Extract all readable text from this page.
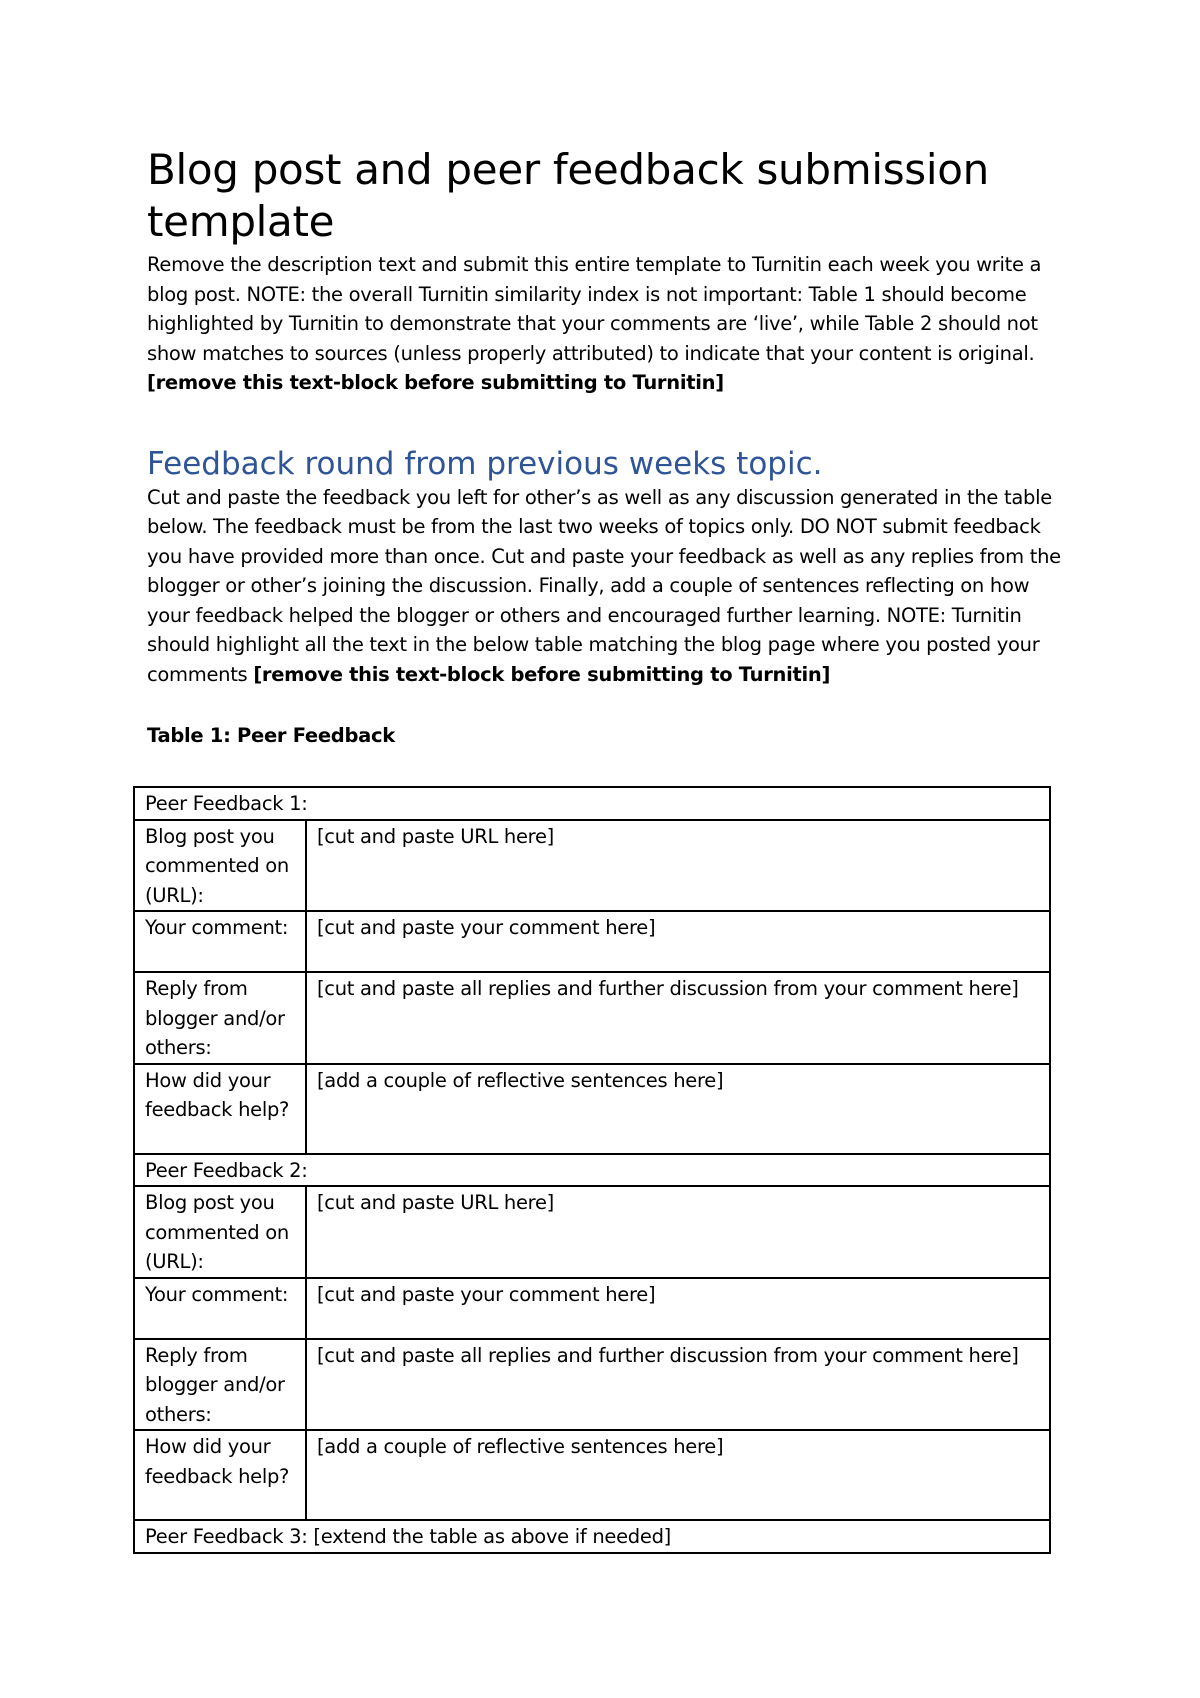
Blog post and peer feedback submission template

Remove the description text and submit this entire template to Turnitin each week you write a blog post. NOTE: the overall Turnitin similarity index is not important: Table 1 should become highlighted by Turnitin to demonstrate that your comments are ‘live’, while Table 2 should not show matches to sources (unless properly attributed) to indicate that your content is original. [remove this text-block before submitting to Turnitin]

Feedback round from previous weeks topic.

Cut and paste the feedback you left for other’s as well as any discussion generated in the table below. The feedback must be from the last two weeks of topics only. DO NOT submit feedback you have provided more than once. Cut and paste your feedback as well as any replies from the blogger or other’s joining the discussion. Finally, add a couple of sentences reflecting on how your feedback helped the blogger or others and encouraged further learning. NOTE: Turnitin should highlight all the text in the below table matching the blog page where you posted your comments [remove this text-block before submitting to Turnitin]

Table 1: Peer Feedback
Peer Feedback 1:	
Blog post you commented on (URL):	[cut and paste URL here]
Your comment:	[cut and paste your comment here]
Reply from blogger and/or others:	[cut and paste all replies and further discussion from your comment here]
How did your feedback help?	[add a couple of reflective sentences here]
Peer Feedback 2:	
Blog post you commented on (URL):	[cut and paste URL here]
Your comment:	[cut and paste your comment here]
Reply from blogger and/or others:	[cut and paste all replies and further discussion from your comment here]
How did your feedback help?	[add a couple of reflective sentences here]
Peer Feedback 3: [extend the table as above if needed]	
